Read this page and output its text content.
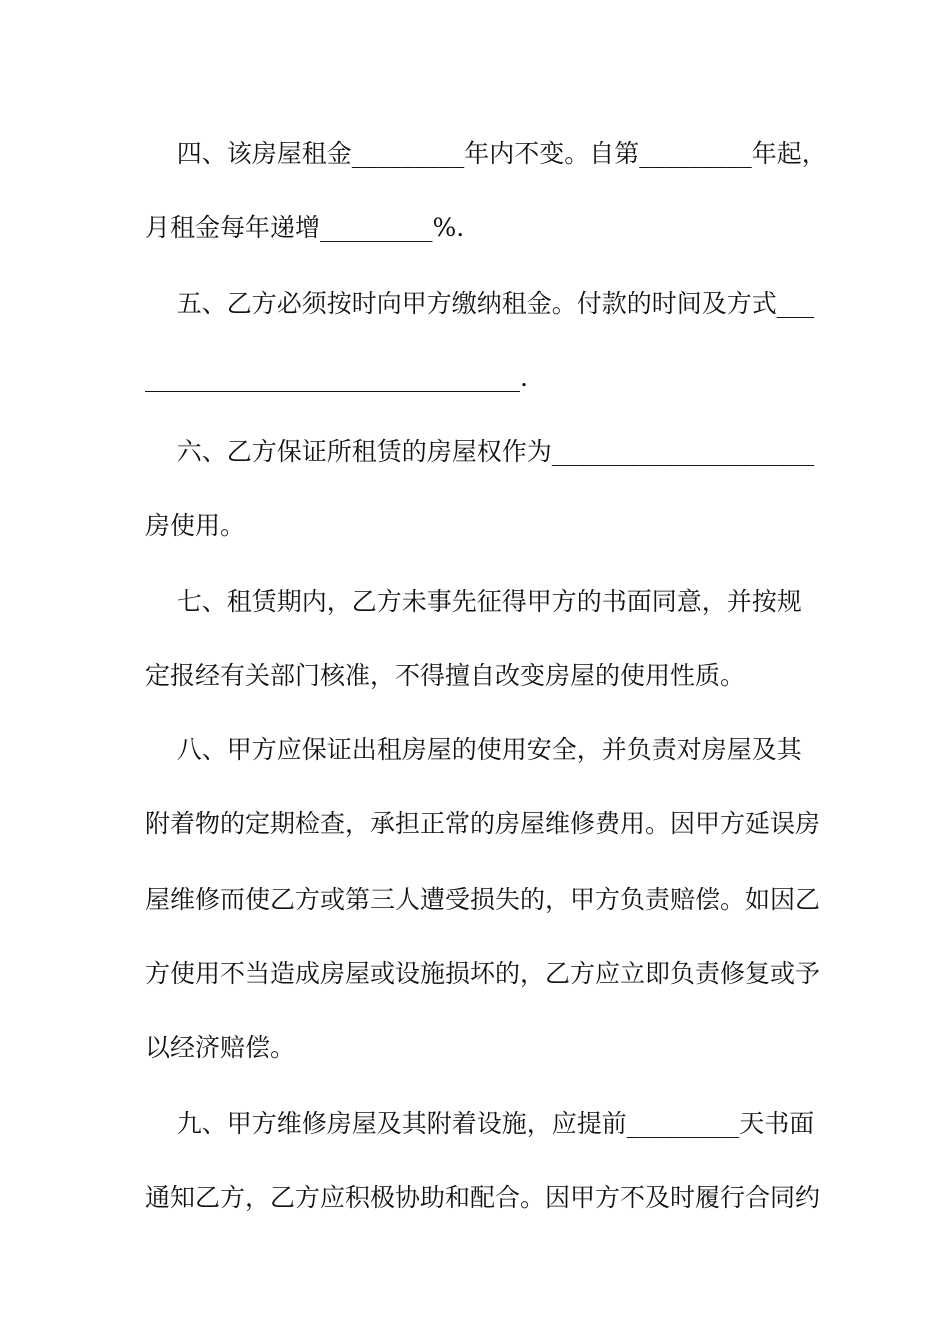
四、该房屋租金_________年内不变。自第_________年起，
月租金每年递增_________%.
五、乙方必须按时向甲方缴纳租金。付款的时间及方式___
______________________________.
六、乙方保证所租赁的房屋权作为_____________________
房使用。
七、租赁期内，乙方未事先征得甲方的书面同意，并按规
定报经有关部门核准，不得擅自改变房屋的使用性质。
八、甲方应保证出租房屋的使用安全，并负责对房屋及其
附着物的定期检查，承担正常的房屋维修费用。因甲方延误房
屋维修而使乙方或第三人遭受损失的，甲方负责赔偿。如因乙
方使用不当造成房屋或设施损坏的，乙方应立即负责修复或予
以经济赔偿。
九、甲方维修房屋及其附着设施，应提前_________天书面
通知乙方，乙方应积极协助和配合。因甲方不及时履行合同约
